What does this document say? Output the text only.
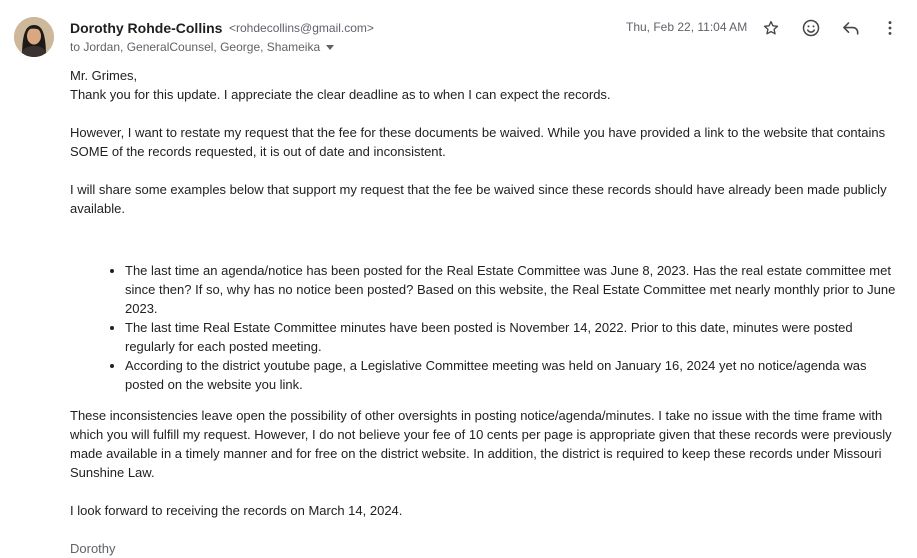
Dorothy Rohde-Collins <rohdecollins@gmail.com>
to Jordan, GeneralCounsel, George, Shameika
Thu, Feb 22, 11:04 AM

Mr. Grimes,

Thank you for this update. I appreciate the clear deadline as to when I can expect the records.

However, I want to restate my request that the fee for these documents be waived. While you have provided a link to the website that contains SOME of the records requested, it is out of date and inconsistent.

I will share some examples below that support my request that the fee be waived since these records should have already been made publicly available.

• The last time an agenda/notice has been posted for the Real Estate Committee was June 8, 2023. Has the real estate committee met since then? If so, why has no notice been posted? Based on this website, the Real Estate Committee met nearly monthly prior to June 2023.
• The last time Real Estate Committee minutes have been posted is November 14, 2022. Prior to this date, minutes were posted regularly for each posted meeting.
• According to the district youtube page, a Legislative Committee meeting was held on January 16, 2024 yet no notice/agenda was posted on the website you link.

These inconsistencies leave open the possibility of other oversights in posting notice/agenda/minutes. I take no issue with the time frame with which you will fulfill my request. However, I do not believe your fee of 10 cents per page is appropriate given that these records were previously made available in a timely manner and for free on the district website. In addition, the district is required to keep these records under Missouri Sunshine Law.

I look forward to receiving the records on March 14, 2024.

Dorothy
